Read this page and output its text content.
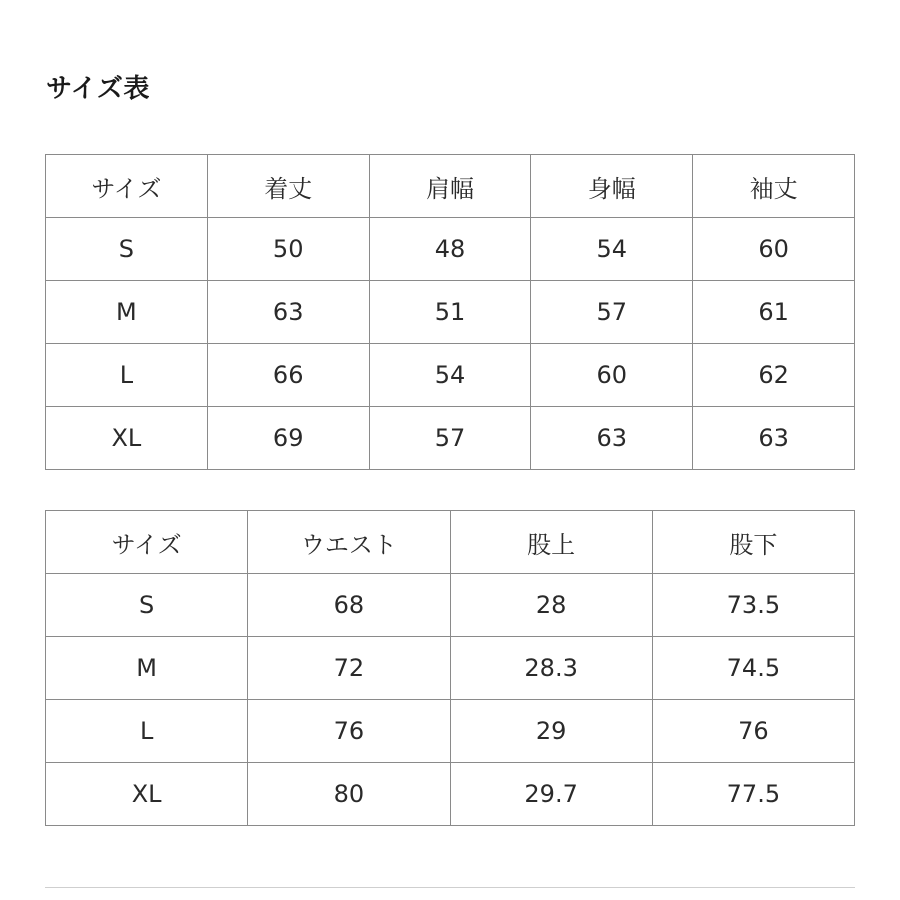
サイズ表
サイズ	着丈	肩幅	身幅	袖丈
S	50	48	54	60
M	63	51	57	61
L	66	54	60	62
XL	69	57	63	63
サイズ	ウエスト	股上	股下
S	68	28	73.5
M	72	28.3	74.5
L	76	29	76
XL	80	29.7	77.5
